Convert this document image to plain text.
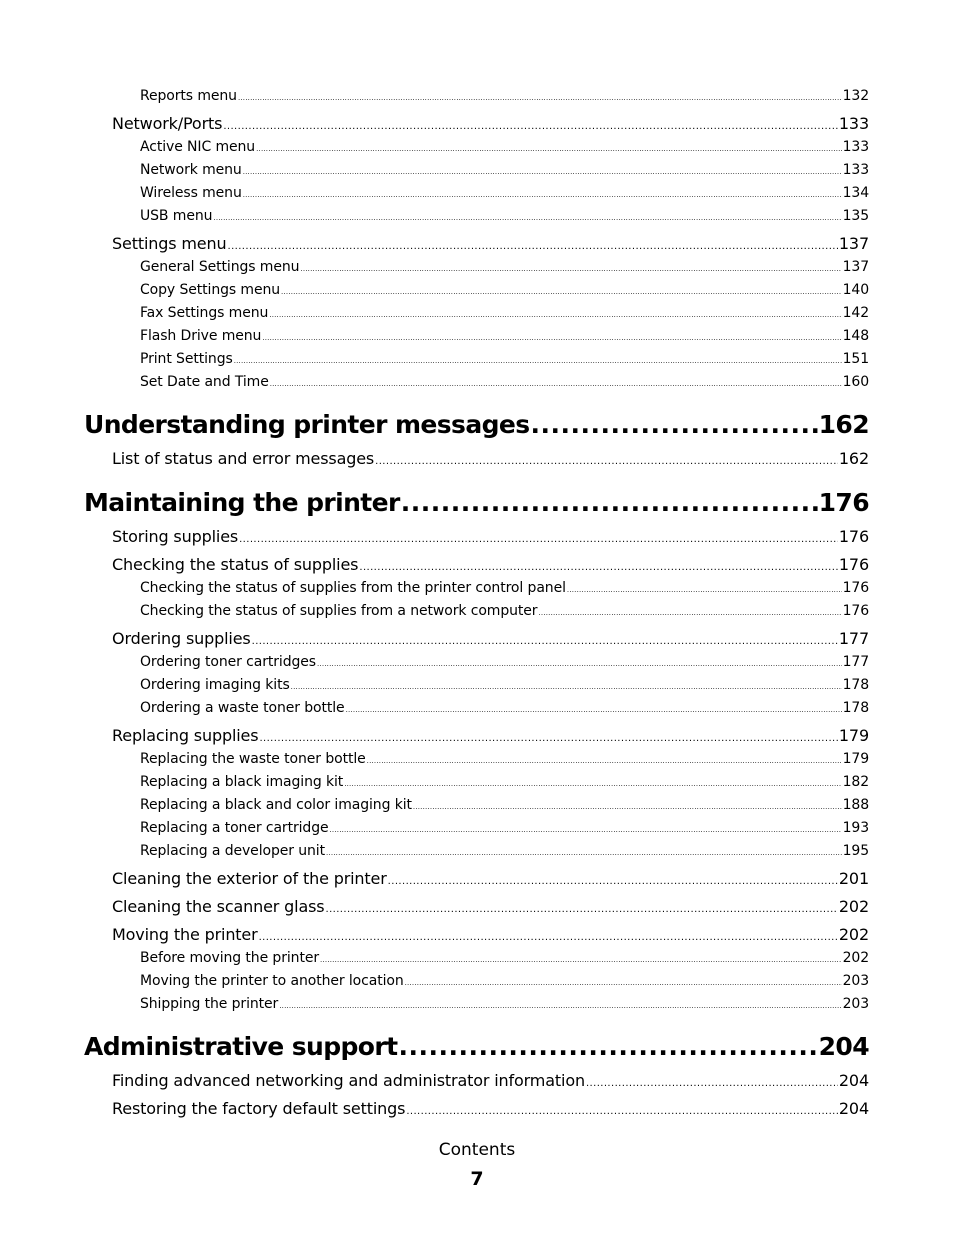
Reports menu .....	132
Network/Ports .....	133
Active NIC menu .....	133
Network menu .....	133
Wireless menu .....	134
USB menu .....	135
Settings menu .....	137
General Settings menu .....	137
Copy Settings menu .....	140
Fax Settings menu .....	142
Flash Drive menu .....	148
Print Settings .....	151
Set Date and Time .....	160
Understanding printer messages .....	162
List of status and error messages .....	162
Maintaining the printer .....	176
Storing supplies .....	176
Checking the status of supplies .....	176
Checking the status of supplies from the printer control panel .....	176
Checking the status of supplies from a network computer .....	176
Ordering supplies .....	177
Ordering toner cartridges .....	177
Ordering imaging kits .....	178
Ordering a waste toner bottle .....	178
Replacing supplies .....	179
Replacing the waste toner bottle .....	179
Replacing a black imaging kit .....	182
Replacing a black and color imaging kit .....	188
Replacing a toner cartridge .....	193
Replacing a developer unit .....	195
Cleaning the exterior of the printer .....	201
Cleaning the scanner glass .....	202
Moving the printer .....	202
Before moving the printer .....	202
Moving the printer to another location .....	203
Shipping the printer .....	203
Administrative support .....	204
Finding advanced networking and administrator information .....	204
Restoring the factory default settings .....	204
Contents
7
